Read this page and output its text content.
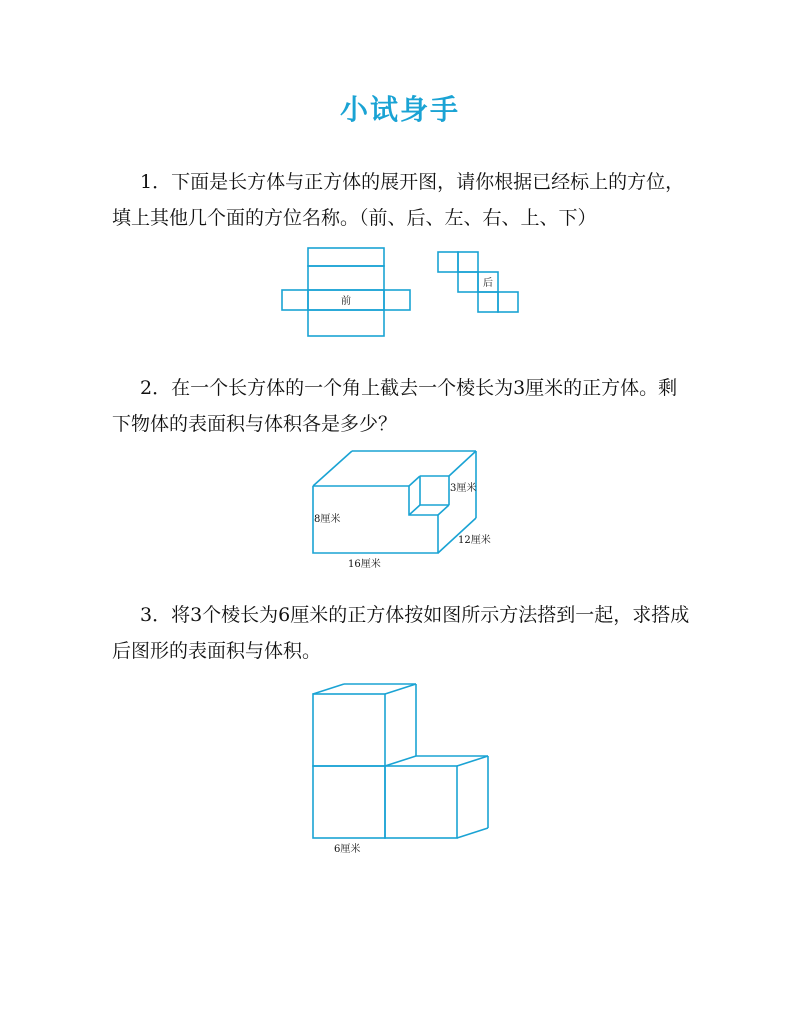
小试身手
1．下面是长方体与正方体的展开图，请你根据已经标上的方位，
填上其他几个面的方位名称。（前、后、左、右、上、下）
前
后
3厘米
8厘米
12厘米
16厘米
6厘米
2．在一个长方体的一个角上截去一个棱长为3厘米的正方体。剩
下物体的表面积与体积各是多少？
3．将3个棱长为6厘米的正方体按如图所示方法搭到一起，求搭成
后图形的表面积与体积。
